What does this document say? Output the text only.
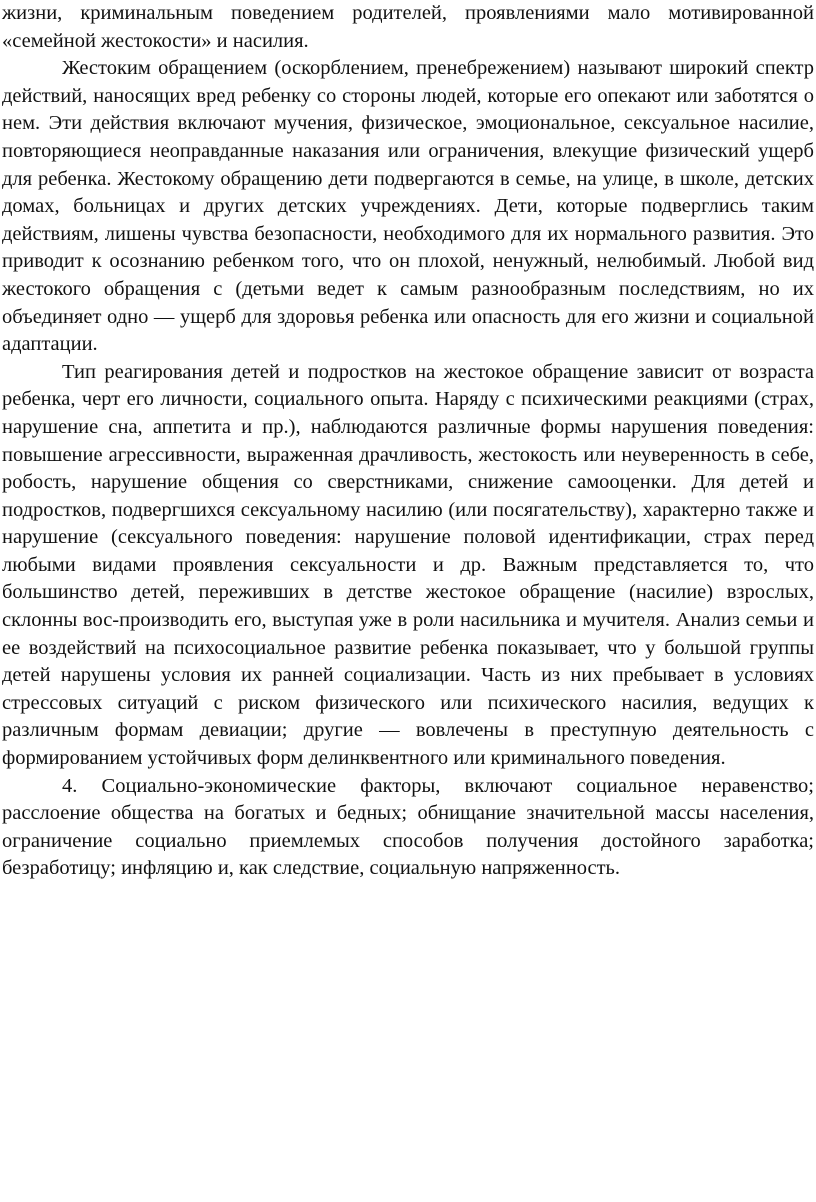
жизни, криминальным поведением родителей, проявлениями мало мотивированной «семейной жестокости» и насилия.

Жестоким обращением (оскорблением, пренебрежением) называют широкий спектр действий, наносящих вред ребенку со стороны людей, которые его опекают или заботятся о нем. Эти действия включают мучения, физическое, эмоциональное, сексуальное насилие, повторяющиеся неоправданные наказания или ограничения, влекущие физический ущерб для ребенка. Жестокому обращению дети подвергаются в семье, на улице, в школе, детских домах, больницах и других детских учреждениях. Дети, которые подверглись таким действиям, лишены чувства безопасности, необходимого для их нормального развития. Это приводит к осознанию ребенком того, что он плохой, ненужный, нелюбимый. Любой вид жестокого обращения с (детьми ведет к самым разнообразным последствиям, но их объединяет одно — ущерб для здоровья ребенка или опасность для его жизни и социальной адаптации.

Тип реагирования детей и подростков на жестокое обращение зависит от возраста ребенка, черт его личности, социального опыта. Наряду с психическими реакциями (страх, нарушение сна, аппетита и пр.), наблюдаются различные формы нарушения поведения: повышение агрессивности, выраженная драчливость, жестокость или неуверенность в себе, робость, нарушение общения со сверстниками, снижение самооценки. Для детей и подростков, подвергшихся сексуальному насилию (или посягательству), характерно также и нарушение (сексуального поведения: нарушение половой идентификации, страх перед любыми видами проявления сексуальности и др. Важным представляется то, что большинство детей, переживших в детстве жестокое обращение (насилие) взрослых, склонны вос-производить его, выступая уже в роли насильника и мучителя. Анализ семьи и ее воздействий на психосоциальное развитие ребенка показывает, что у большой группы детей нарушены условия их ранней социализации. Часть из них пребывает в условиях стрессовых ситуаций с риском физического или психического насилия, ведущих к различным формам девиации; другие — вовлечены в преступную деятельность с формированием устойчивых форм делинквентного или криминального поведения.

4. Социально-экономические факторы, включают социальное неравенство; расслоение общества на богатых и бедных; обнищание значительной массы населения, ограничение социально приемлемых способов получения достойного заработка; безработицу; инфляцию и, как следствие, социальную напряженность.
